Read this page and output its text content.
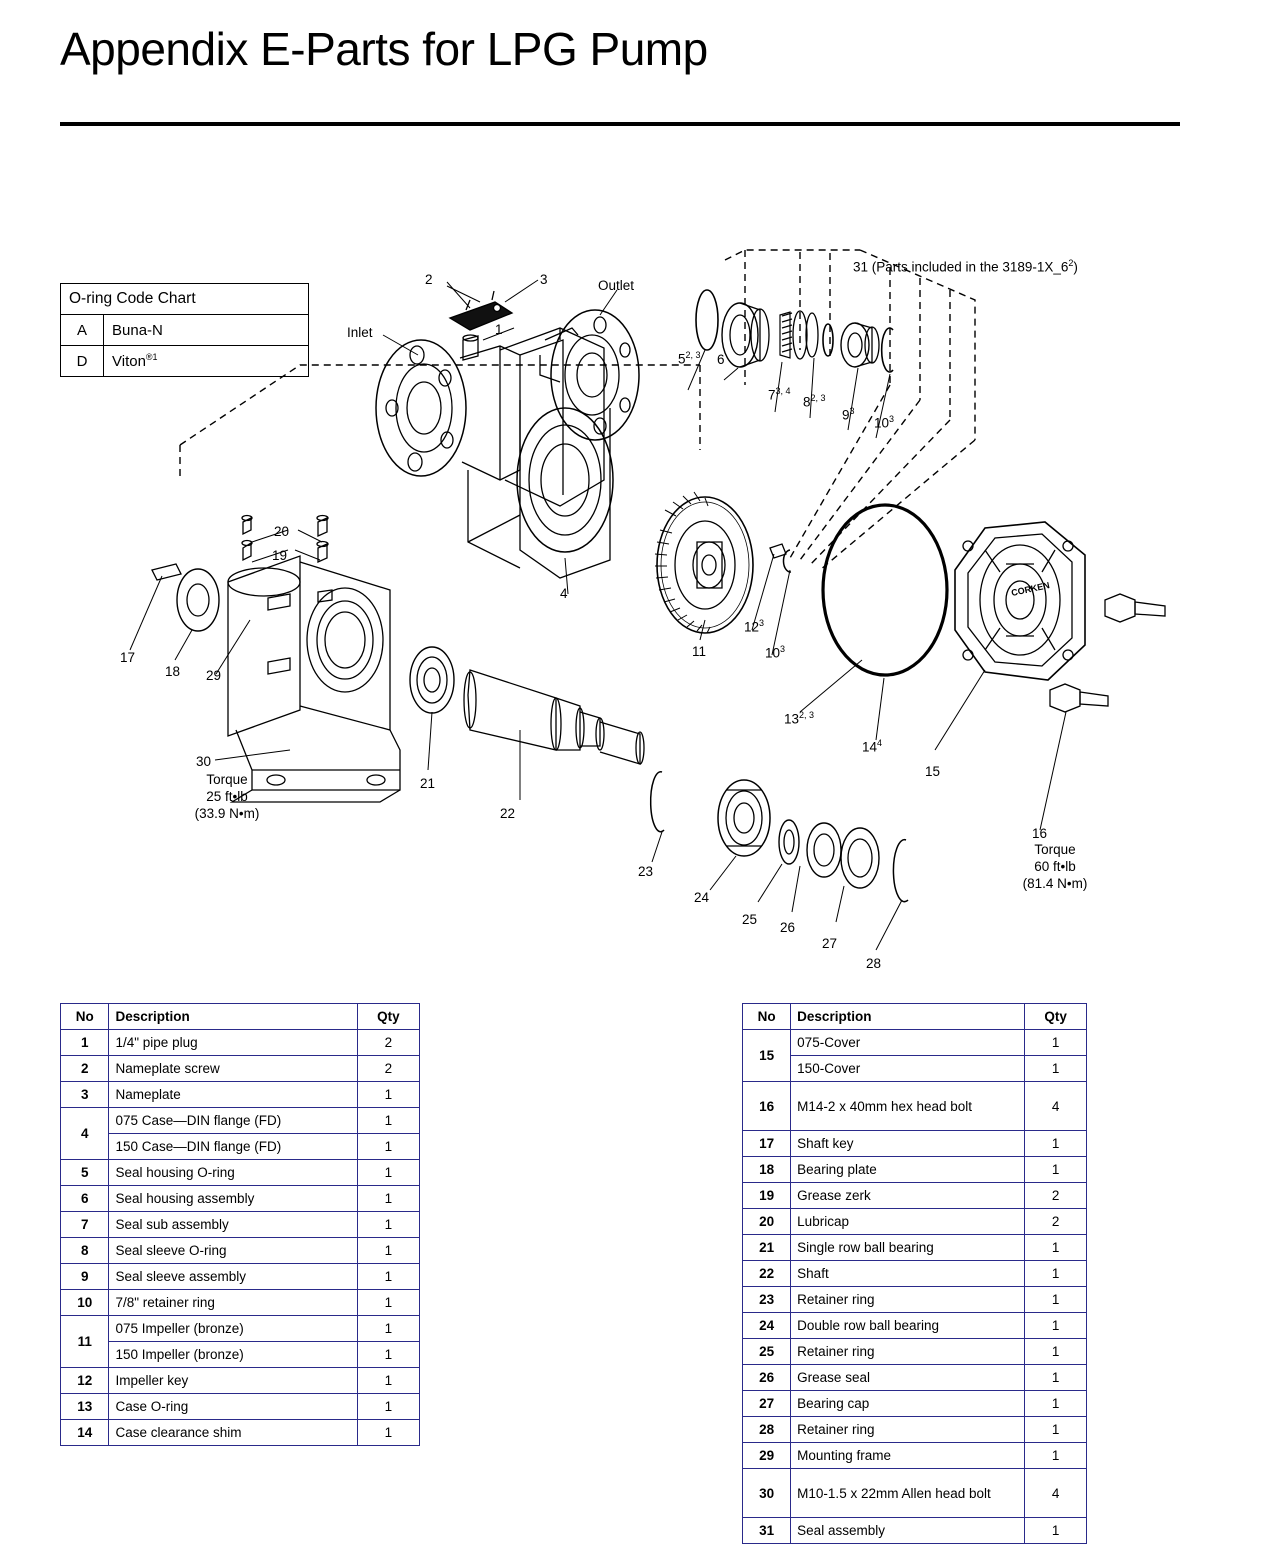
Appendix E-Parts for LPG Pump
O-ring Code Chart	
A	Buna-N
D	Viton$^{®1}$
CORKEN
2	3
1
Inlet
Outlet
4
31 (Parts included in the $3189-1X\_6^2$)
5$^{2, 3}$ 6
7$^{3, 4}$
8$^{2, 3}$
$9^3$
$10^3$
11
$12^3$
$10^3$
13$^{2, 3}$
$14^4$
15
16
17
18
19
20
29
30
21
22
23
24
25
26
27
28
Torque
25 ft•lb
(33.9 N•m)
Torque
60 ft•lb
(81.4 N•m)
No	Description	Qty
1	1/4" pipe plug	2
2	Nameplate screw	2
3	Nameplate	1
4	075 Case—DIN flange (FD)	1
	150 Case—DIN flange (FD)	1
5	Seal housing O-ring	1
6	Seal housing assembly	1
7	Seal sub assembly	1
8	Seal sleeve O-ring	1
9	Seal sleeve assembly	1
10	7/8" retainer ring	1
11	075 Impeller (bronze)	1
	150 Impeller (bronze)	1
12	Impeller key	1
13	Case O-ring	1
14	Case clearance shim	1
No	Description	Qty
15	075-Cover	1
	150-Cover	1
16	M14-2 x 40mm hex head bolt	4
17	Shaft key	1
18	Bearing plate	1
19	Grease zerk	2
20	Lubricap	2
21	Single row ball bearing	1
22	Shaft	1
23	Retainer ring	1
24	Double row ball bearing	1
25	Retainer ring	1
26	Grease seal	1
27	Bearing cap	1
28	Retainer ring	1
29	Mounting frame	1
30	M10-1.5 x 22mm Allen head bolt	4
31	Seal assembly	1
